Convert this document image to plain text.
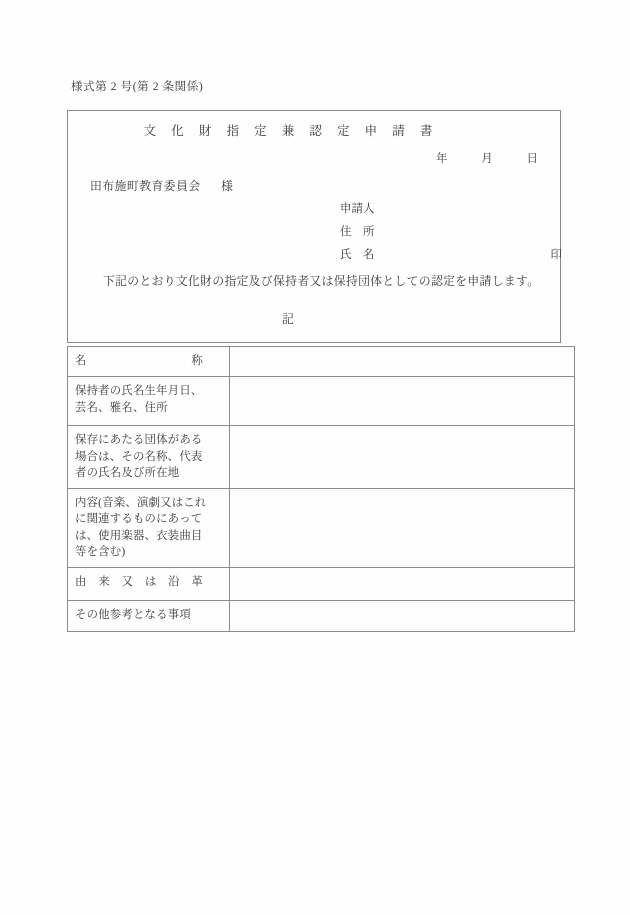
様式第 2 号(第 2 条関係)
文 化 財 指 定 兼 認 定 申 請 書
年	月	日
田布施町教育委員会 様
申請人
住　所
氏　名	印
下記のとおり文化財の指定及び保持者又は保持団体としての認定を申請します。
記
名称	

保持者の氏名生年月日、
芸名、雅名、住所	

保存にあたる団体がある
場合は、その名称、代表
者の氏名及び所在地	

内容(音楽、演劇又はこれ
に関連するものにあって
は、使用楽器、衣装曲目
等を含む)	

由来又は沿革	

その他参考となる事項	
